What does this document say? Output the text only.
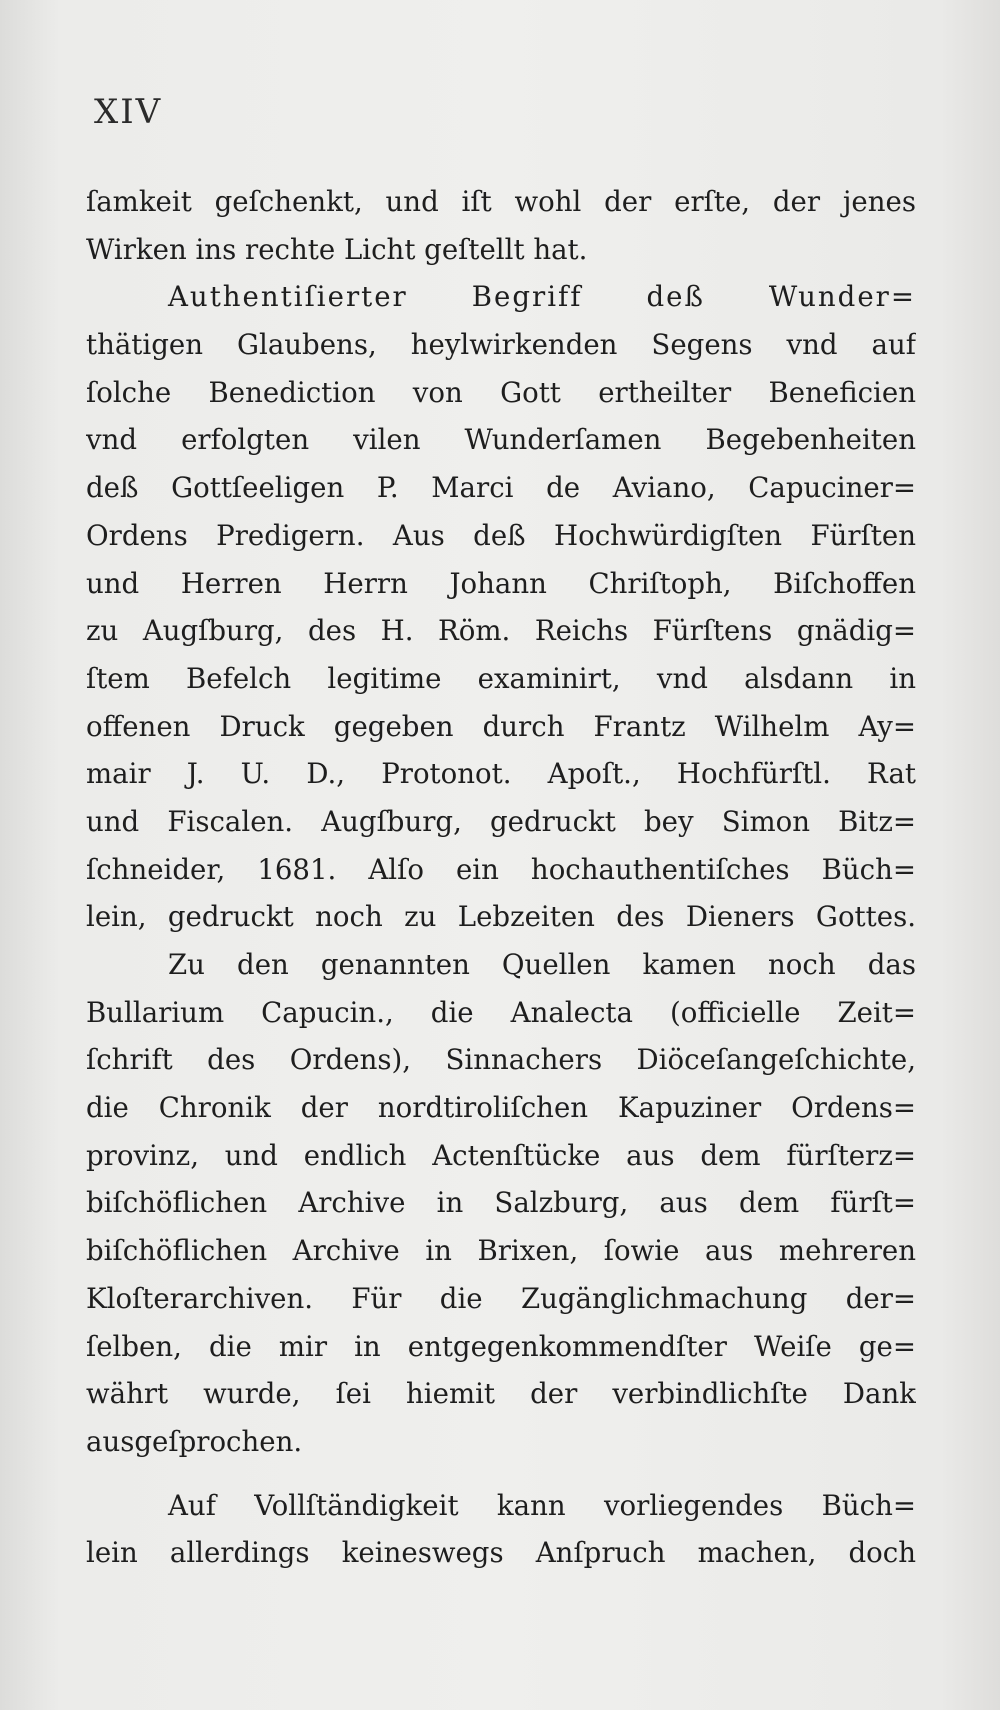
XIV
ſamkeit geſchenkt, und iſt wohl der erſte, der jenes
Wirken ins rechte Licht geſtellt hat.
Authentiſierter Begriff deß Wunder=
thätigen Glaubens, heylwirkenden Segens vnd auf
ſolche Benediction von Gott ertheilter Beneficien
vnd erfolgten vilen Wunderſamen Begebenheiten
deß Gottſeeligen P. Marci de Aviano, Capuciner=
Ordens Predigern. Aus deß Hochwürdigſten Fürſten
und Herren Herrn Johann Chriſtoph, Biſchoffen
zu Augſburg, des H. Röm. Reichs Fürſtens gnädig=
ſtem Befelch legitime examinirt, vnd alsdann in
offenen Druck gegeben durch Frantz Wilhelm Ay=
mair J. U. D., Protonot. Apoſt., Hochfürſtl. Rat
und Fiscalen. Augſburg, gedruckt bey Simon Bitz=
ſchneider, 1681. Alſo ein hochauthentiſches Büch=
lein, gedruckt noch zu Lebzeiten des Dieners Gottes.
Zu den genannten Quellen kamen noch das
Bullarium Capucin., die Analecta (officielle Zeit=
ſchrift des Ordens), Sinnachers Diöceſangeſchichte,
die Chronik der nordtiroliſchen Kapuziner Ordens=
provinz, und endlich Actenſtücke aus dem fürſterz=
biſchöflichen Archive in Salzburg, aus dem fürſt=
biſchöflichen Archive in Brixen, ſowie aus mehreren
Kloſterarchiven. Für die Zugänglichmachung der=
ſelben, die mir in entgegenkommendſter Weiſe ge=
währt wurde, ſei hiemit der verbindlichſte Dank
ausgeſprochen.
Auf Vollſtändigkeit kann vorliegendes Büch=
lein allerdings keineswegs Anſpruch machen, doch
